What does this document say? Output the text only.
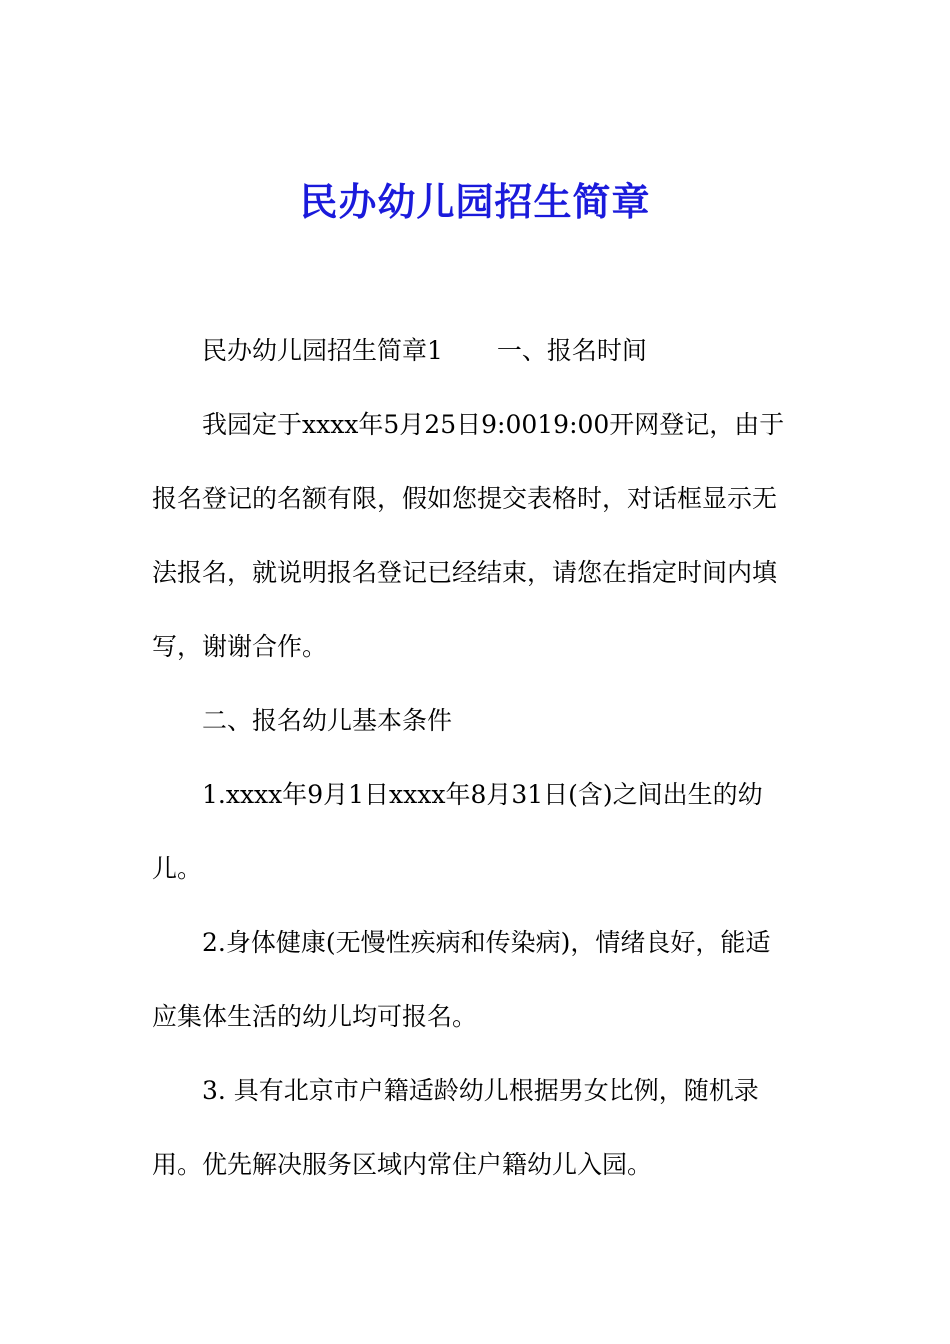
民办幼儿园招生简章
民办幼儿园招生简章1 一、报名时间
我园定于xxxx年5月25日9:0019:00开网登记，由于
报名登记的名额有限，假如您提交表格时，对话框显示无
法报名，就说明报名登记已经结束，请您在指定时间内填
写，谢谢合作。
二、报名幼儿基本条件
1.xxxx年9月1日xxxx年8月31日(含)之间出生的幼
儿。
2.身体健康(无慢性疾病和传染病)，情绪良好，能适
应集体生活的幼儿均可报名。
3. 具有北京市户籍适龄幼儿根据男女比例，随机录
用。优先解决服务区域内常住户籍幼儿入园。
